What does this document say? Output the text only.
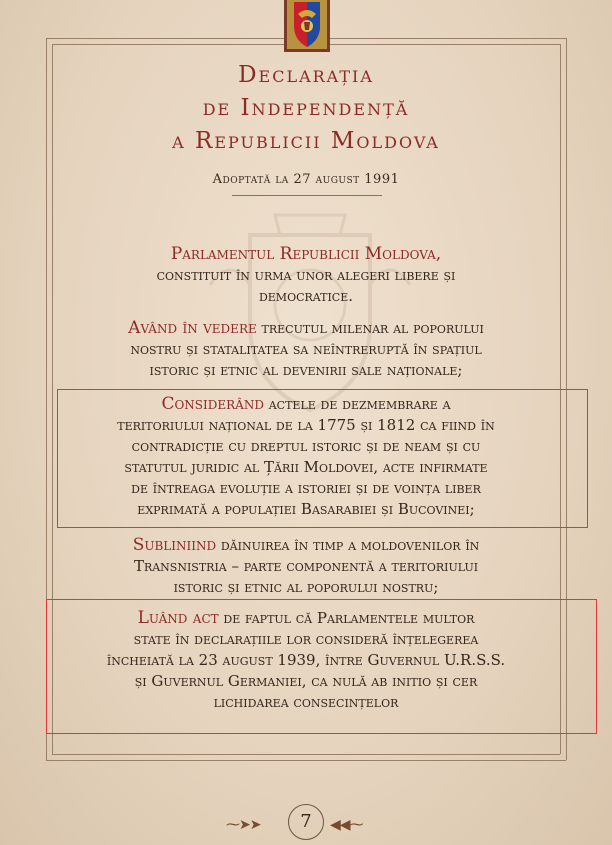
Declarația
de Independență
a Republicii Moldova
Adoptată la 27 august 1991
Parlamentul Republicii Moldova,
constituit în urma unor alegeri libere și
democratice.
Având în vedere trecutul milenar al poporului
nostru și statalitatea sa neîntreruptă în spațiul
istoric și etnic al devenirii sale naționale;
Considerând actele de dezmembrare a
teritoriului național de la 1775 și 1812 ca fiind în
contradicție cu dreptul istoric și de neam și cu
statutul juridic al Țării Moldovei, acte infirmate
de întreaga evoluție a istoriei și de voința liber
exprimată a populației Basarabiei și Bucovinei;
Subliniind dăinuirea în timp a moldovenilor în
Transnistria – parte componentă a teritoriului
istoric și etnic al poporului nostru;
Luând act de faptul că Parlamentele multor
state în declarațiile lor consideră înțelegerea
încheiată la 23 august 1939, între Guvernul U.R.S.S.
și Guvernul Germaniei, ca nulă ab initio și cer
lichidarea consecințelor
⁓➤➤	7	◀◀⁓
